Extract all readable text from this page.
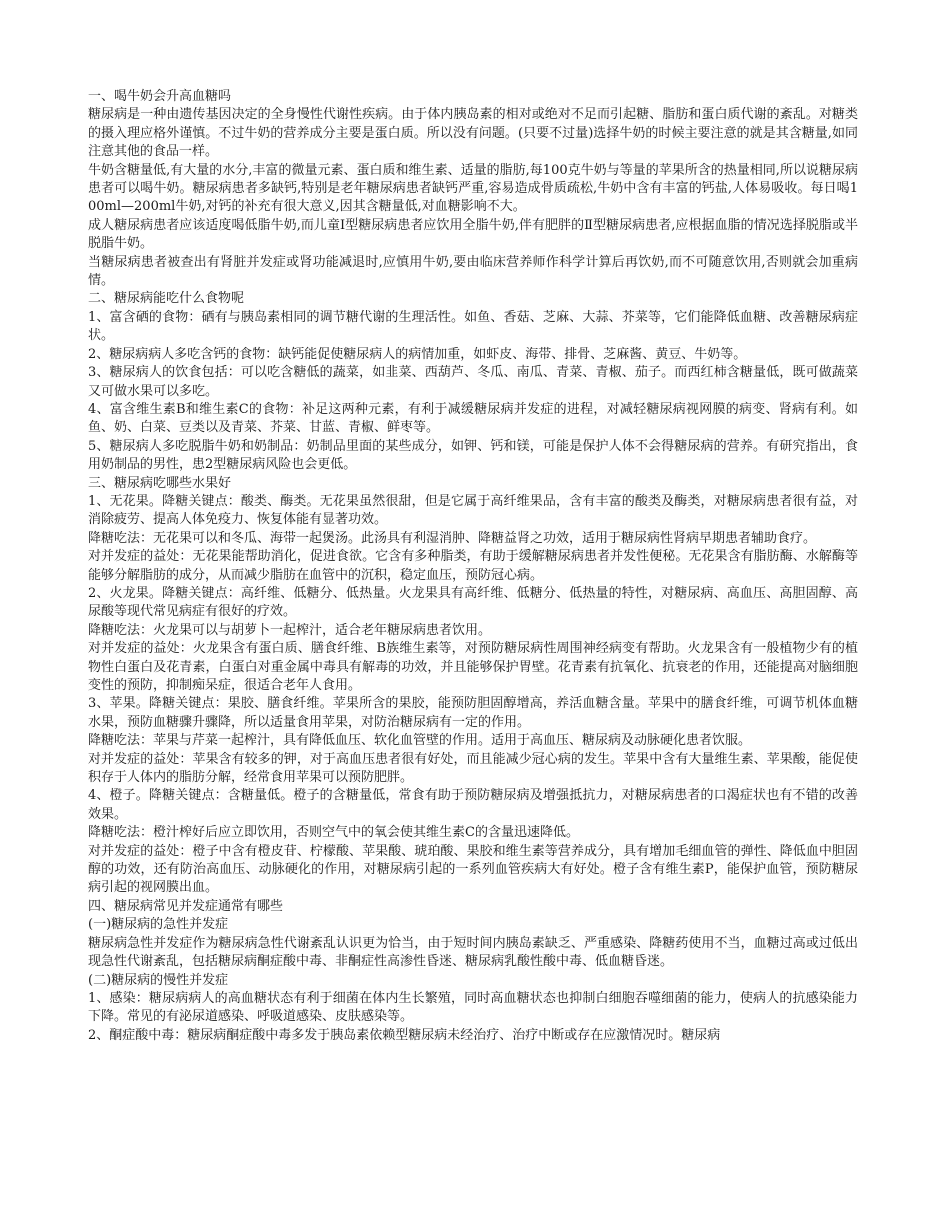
一、喝牛奶会升高血糖吗

糖尿病是一种由遗传基因决定的全身慢性代谢性疾病。由于体内胰岛素的相对或绝对不足而引起糖、脂肪和蛋白质代谢的紊乱。对糖类的摄入理应格外谨慎。不过牛奶的营养成分主要是蛋白质。所以没有问题。(只要不过量)选择牛奶的时候主要注意的就是其含糖量,如同注意其他的食品一样。

牛奶含糖量低,有大量的水分,丰富的微量元素、蛋白质和维生素、适量的脂肪,每100克牛奶与等量的苹果所含的热量相同,所以说糖尿病患者可以喝牛奶。糖尿病患者多缺钙,特别是老年糖尿病患者缺钙严重,容易造成骨质疏松,牛奶中含有丰富的钙盐,人体易吸收。每日喝100ml—200ml牛奶,对钙的补充有很大意义,因其含糖量低,对血糖影响不大。

成人糖尿病患者应该适度喝低脂牛奶,而儿童Ⅰ型糖尿病患者应饮用全脂牛奶,伴有肥胖的Ⅱ型糖尿病患者,应根据血脂的情况选择脱脂或半脱脂牛奶。

当糖尿病患者被查出有肾脏并发症或肾功能减退时,应慎用牛奶,要由临床营养师作科学计算后再饮奶,而不可随意饮用,否则就会加重病情。

二、糖尿病能吃什么食物呢

1、富含硒的食物：硒有与胰岛素相同的调节糖代谢的生理活性。如鱼、香菇、芝麻、大蒜、芥菜等，它们能降低血糖、改善糖尿病症状。

2、糖尿病病人多吃含钙的食物：缺钙能促使糖尿病人的病情加重，如虾皮、海带、排骨、芝麻酱、黄豆、牛奶等。

3、糖尿病人的饮食包括：可以吃含糖低的蔬菜，如韭菜、西葫芦、冬瓜、南瓜、青菜、青椒、茄子。而西红柿含糖量低，既可做蔬菜又可做水果可以多吃。

4、富含维生素B和维生素C的食物：补足这两种元素，有利于减缓糖尿病并发症的进程，对减轻糖尿病视网膜的病变、肾病有利。如鱼、奶、白菜、豆类以及青菜、芥菜、甘蓝、青椒、鲜枣等。

5、糖尿病人多吃脱脂牛奶和奶制品：奶制品里面的某些成分，如钾、钙和镁，可能是保护人体不会得糖尿病的营养。有研究指出，食用奶制品的男性，患2型糖尿病风险也会更低。

三、糖尿病吃哪些水果好

1、无花果。降糖关键点：酸类、酶类。无花果虽然很甜，但是它属于高纤维果品，含有丰富的酸类及酶类，对糖尿病患者很有益，对消除疲劳、提高人体免疫力、恢复体能有显著功效。

降糖吃法：无花果可以和冬瓜、海带一起煲汤。此汤具有利湿消肿、降糖益肾之功效，适用于糖尿病性肾病早期患者辅助食疗。

对并发症的益处：无花果能帮助消化，促进食欲。它含有多种脂类，有助于缓解糖尿病患者并发性便秘。无花果含有脂肪酶、水解酶等能够分解脂肪的成分，从而减少脂肪在血管中的沉积，稳定血压，预防冠心病。

2、火龙果。降糖关键点：高纤维、低糖分、低热量。火龙果具有高纤维、低糖分、低热量的特性，对糖尿病、高血压、高胆固醇、高尿酸等现代常见病症有很好的疗效。

降糖吃法：火龙果可以与胡萝卜一起榨汁，适合老年糖尿病患者饮用。

对并发症的益处：火龙果含有蛋白质、膳食纤维、B族维生素等，对预防糖尿病性周围神经病变有帮助。火龙果含有一般植物少有的植物性白蛋白及花青素，白蛋白对重金属中毒具有解毒的功效，并且能够保护胃壁。花青素有抗氧化、抗衰老的作用，还能提高对脑细胞变性的预防，抑制痴呆症，很适合老年人食用。

3、苹果。降糖关键点：果胶、膳食纤维。苹果所含的果胶，能预防胆固醇增高，养活血糖含量。苹果中的膳食纤维，可调节机体血糖水果，预防血糖骤升骤降，所以适量食用苹果，对防治糖尿病有一定的作用。

降糖吃法：苹果与芹菜一起榨汁，具有降低血压、软化血管壁的作用。适用于高血压、糖尿病及动脉硬化患者饮服。

对并发症的益处：苹果含有较多的钾，对于高血压患者很有好处，而且能减少冠心病的发生。苹果中含有大量维生素、苹果酸，能促使积存于人体内的脂肪分解，经常食用苹果可以预防肥胖。

4、橙子。降糖关键点：含糖量低。橙子的含糖量低，常食有助于预防糖尿病及增强抵抗力，对糖尿病患者的口渴症状也有不错的改善效果。

降糖吃法：橙汁榨好后应立即饮用，否则空气中的氧会使其维生素C的含量迅速降低。

对并发症的益处：橙子中含有橙皮苷、柠檬酸、苹果酸、琥珀酸、果胶和维生素等营养成分，具有增加毛细血管的弹性、降低血中胆固醇的功效，还有防治高血压、动脉硬化的作用，对糖尿病引起的一系列血管疾病大有好处。橙子含有维生素P，能保护血管，预防糖尿病引起的视网膜出血。

四、糖尿病常见并发症通常有哪些

(一)糖尿病的急性并发症

糖尿病急性并发症作为糖尿病急性代谢紊乱认识更为恰当，由于短时间内胰岛素缺乏、严重感染、降糖药使用不当，血糖过高或过低出现急性代谢紊乱，包括糖尿病酮症酸中毒、非酮症性高渗性昏迷、糖尿病乳酸性酸中毒、低血糖昏迷。

(二)糖尿病的慢性并发症

1、感染：糖尿病病人的高血糖状态有利于细菌在体内生长繁殖，同时高血糖状态也抑制白细胞吞噬细菌的能力，使病人的抗感染能力下降。常见的有泌尿道感染、呼吸道感染、皮肤感染等。

2、酮症酸中毒：糖尿病酮症酸中毒多发于胰岛素依赖型糖尿病未经治疗、治疗中断或存在应激情况时。糖尿病
